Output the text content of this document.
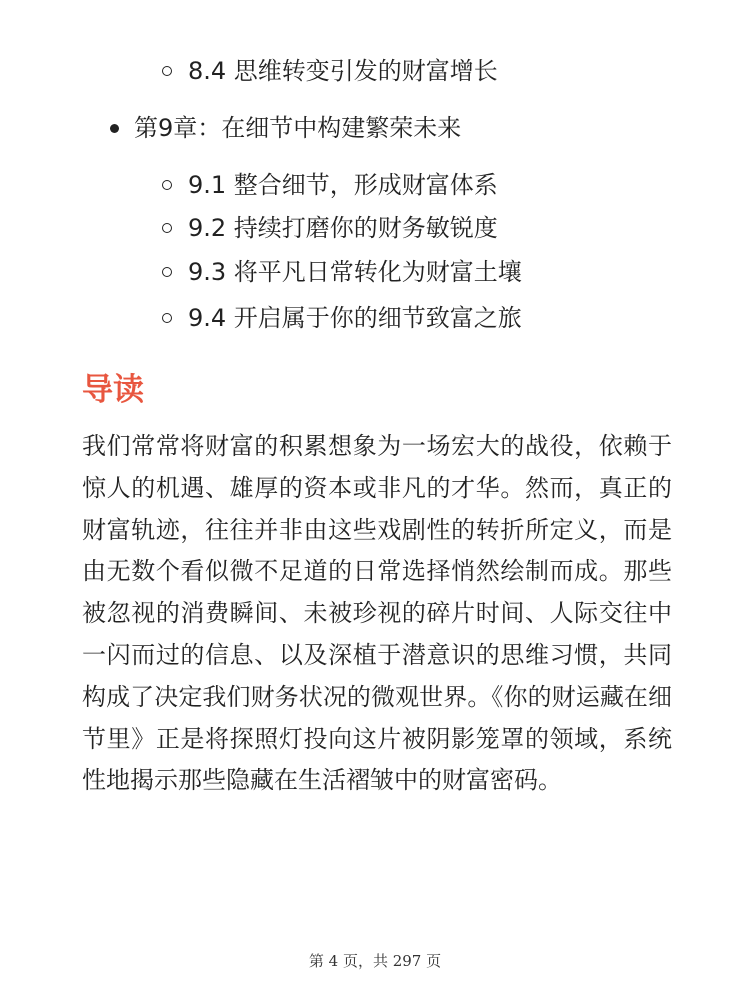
8.4 思维转变引发的财富增长
第9章：在细节中构建繁荣未来
9.1 整合细节，形成财富体系
9.2 持续打磨你的财务敏锐度
9.3 将平凡日常转化为财富土壤
9.4 开启属于你的细节致富之旅
导读

我们常常将财富的积累想象为一场宏大的战役，依赖于惊人的机遇、雄厚的资本或非凡的才华。然而，真正的财富轨迹，往往并非由这些戏剧性的转折所定义，而是由无数个看似微不足道的日常选择悄然绘制而成。那些被忽视的消费瞬间、未被珍视的碎片时间、人际交往中一闪而过的信息、以及深植于潜意识的思维习惯，共同构成了决定我们财务状况的微观世界。《你的财运藏在细节里》正是将探照灯投向这片被阴影笼罩的领域，系统性地揭示那些隐藏在生活褶皱中的财富密码。

第 4 页，共 297 页
